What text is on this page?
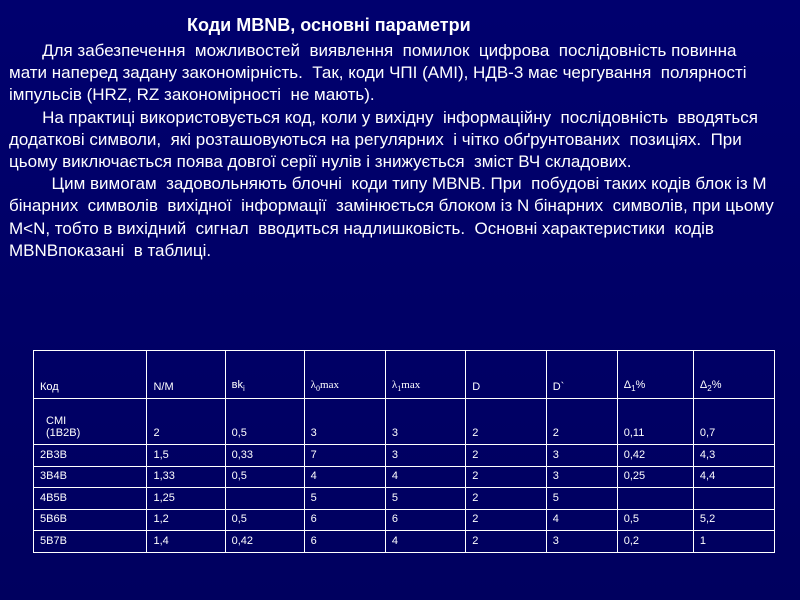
Коди MBNB, основні параметри

Для забезпечення  можливостей  виявлення  помилок  цифрова  послідовність повинна  мати наперед задану закономірність.  Так, коди ЧПІ (АМІ), НДВ-3 має чергування  полярності  імпульсів (HRZ, RZ закономірності  не мають).

На практиці використовується код, коли у вихідну  інформаційну  послідовність  вводяться додаткові символи,  які розташовуються на регулярних  і чітко обґрунтованих  позиціях.  При цьому виключається поява довгої серії нулів і знижується  зміст ВЧ складових.

Цим вимогам  задовольняють блочні  коди типу MBNB. При  побудові таких кодів блок із M бінарних  символів  вихідної  інформації  замінюється блоком із N бінарних  символів, при цьому M<N, тобто в вихідний  сигнал  вводиться надлишковість.  Основні характеристики  кодів MBNBпоказані  в таблиці.

Код	N/M	$вk_i$	$\lambda_0\max$	$\lambda_1\max$	D	D`	$\Delta_1\%$	$\Delta_2\%$
CMI
(1B2B)	2	0,5	3	3	2	2	0,11	0,7
2B3B	1,5	0,33	7	3	2	3	0,42	4,3
3B4B	1,33	0,5	4	4	2	3	0,25	4,4
4B5B	1,25		5	5	2	5		
5B6B	1,2	0,5	6	6	2	4	0,5	5,2
5B7B	1,4	0,42	6	4	2	3	0,2	1
